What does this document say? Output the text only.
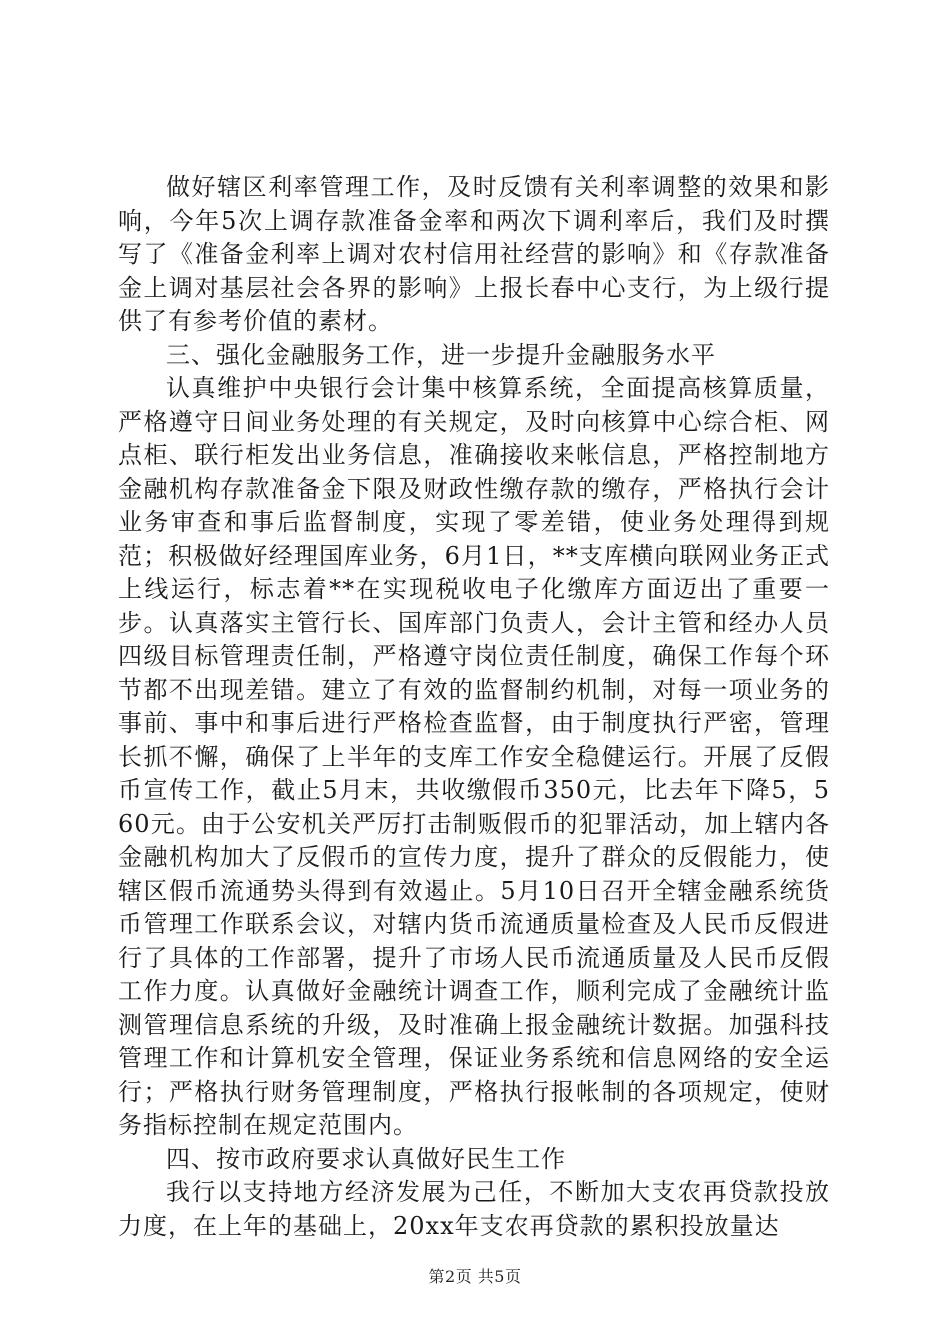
做好辖区利率管理工作，及时反馈有关利率调整的效果和影响，今年5次上调存款准备金率和两次下调利率后，我们及时撰写了《准备金利率上调对农村信用社经营的影响》和《存款准备金上调对基层社会各界的影响》上报长春中心支行，为上级行提供了有参考价值的素材。

三、强化金融服务工作，进一步提升金融服务水平

认真维护中央银行会计集中核算系统，全面提高核算质量，严格遵守日间业务处理的有关规定，及时向核算中心综合柜、网点柜、联行柜发出业务信息，准确接收来帐信息，严格控制地方金融机构存款准备金下限及财政性缴存款的缴存，严格执行会计业务审查和事后监督制度，实现了零差错，使业务处理得到规范；积极做好经理国库业务，6月1日，**支库横向联网业务正式上线运行，标志着**在实现税收电子化缴库方面迈出了重要一步。认真落实主管行长、国库部门负责人，会计主管和经办人员四级目标管理责任制，严格遵守岗位责任制度，确保工作每个环节都不出现差错。建立了有效的监督制约机制，对每一项业务的事前、事中和事后进行严格检查监督，由于制度执行严密，管理长抓不懈，确保了上半年的支库工作安全稳健运行。开展了反假币宣传工作，截止5月末，共收缴假币350元，比去年下降5，560元。由于公安机关严厉打击制贩假币的犯罪活动，加上辖内各金融机构加大了反假币的宣传力度，提升了群众的反假能力，使辖区假币流通势头得到有效遏止。5月10日召开全辖金融系统货币管理工作联系会议，对辖内货币流通质量检查及人民币反假进行了具体的工作部署，提升了市场人民币流通质量及人民币反假工作力度。认真做好金融统计调查工作，顺利完成了金融统计监测管理信息系统的升级，及时准确上报金融统计数据。加强科技管理工作和计算机安全管理，保证业务系统和信息网络的安全运行；严格执行财务管理制度，严格执行报帐制的各项规定，使财务指标控制在规定范围内。

四、按市政府要求认真做好民生工作

我行以支持地方经济发展为己任，不断加大支农再贷款投放力度，在上年的基础上，20xx年支农再贷款的累积投放量达

第2页 共5页
